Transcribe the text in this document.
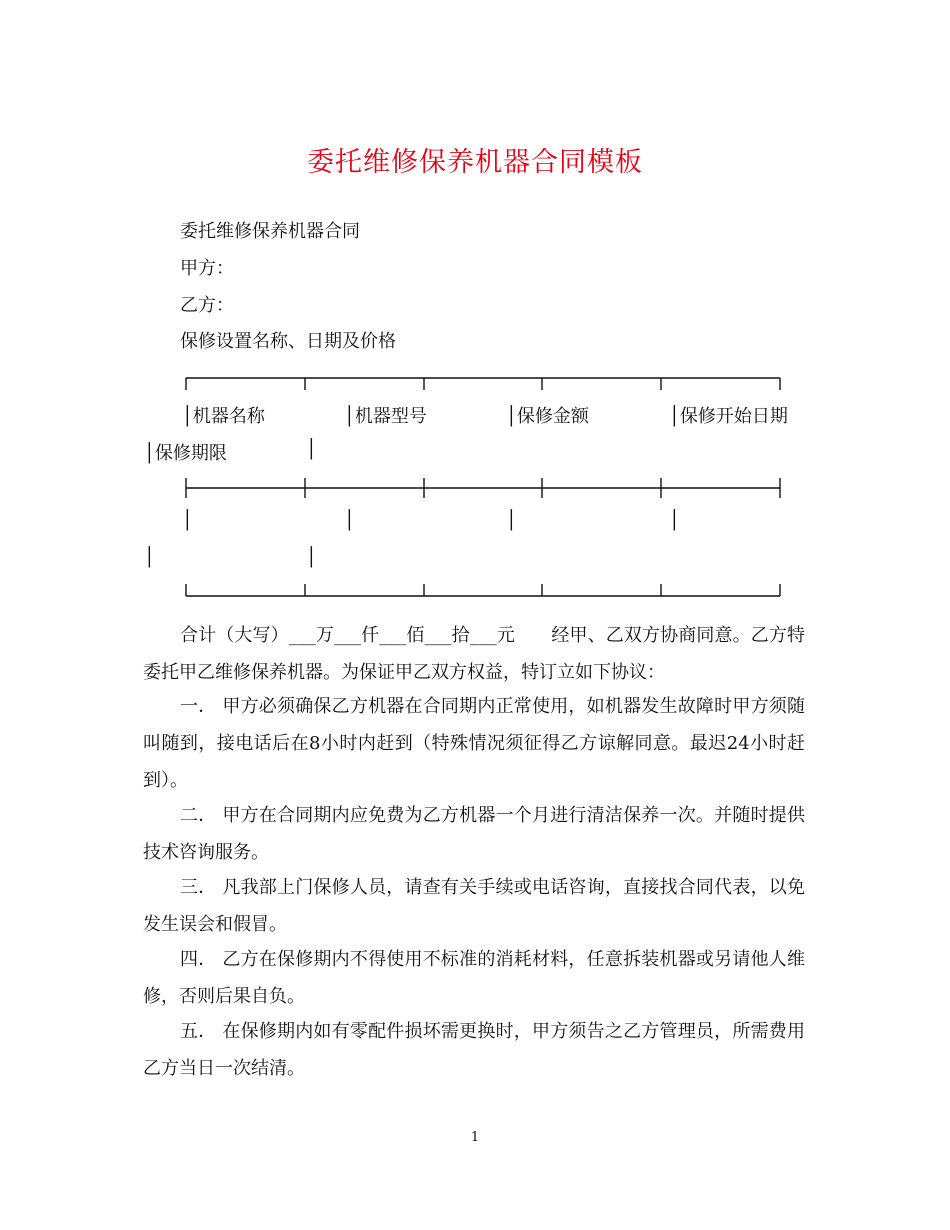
委托维修保养机器合同模板
委托维修保养机器合同
甲方：
乙方：
保修设置名称、日期及价格
│机器名称	│机器型号	│保修金额	│保修开始日期
│保修期限	│
│	│	│	│
│	│
合计（大写）___万___仟___佰___拾___元　　经甲、乙双方协商同意。乙方特委托甲乙维修保养机器。为保证甲乙双方权益，特订立如下协议：
一． 甲方必须确保乙方机器在合同期内正常使用，如机器发生故障时甲方须随叫随到，接电话后在8小时内赶到（特殊情况须征得乙方谅解同意。最迟24小时赶到）。
二． 甲方在合同期内应免费为乙方机器一个月进行清洁保养一次。并随时提供技术咨询服务。
三． 凡我部上门保修人员，请查有关手续或电话咨询，直接找合同代表，以免发生误会和假冒。
四． 乙方在保修期内不得使用不标准的消耗材料，任意拆装机器或另请他人维修，否则后果自负。
五． 在保修期内如有零配件损坏需更换时，甲方须告之乙方管理员，所需费用乙方当日一次结清。
1
